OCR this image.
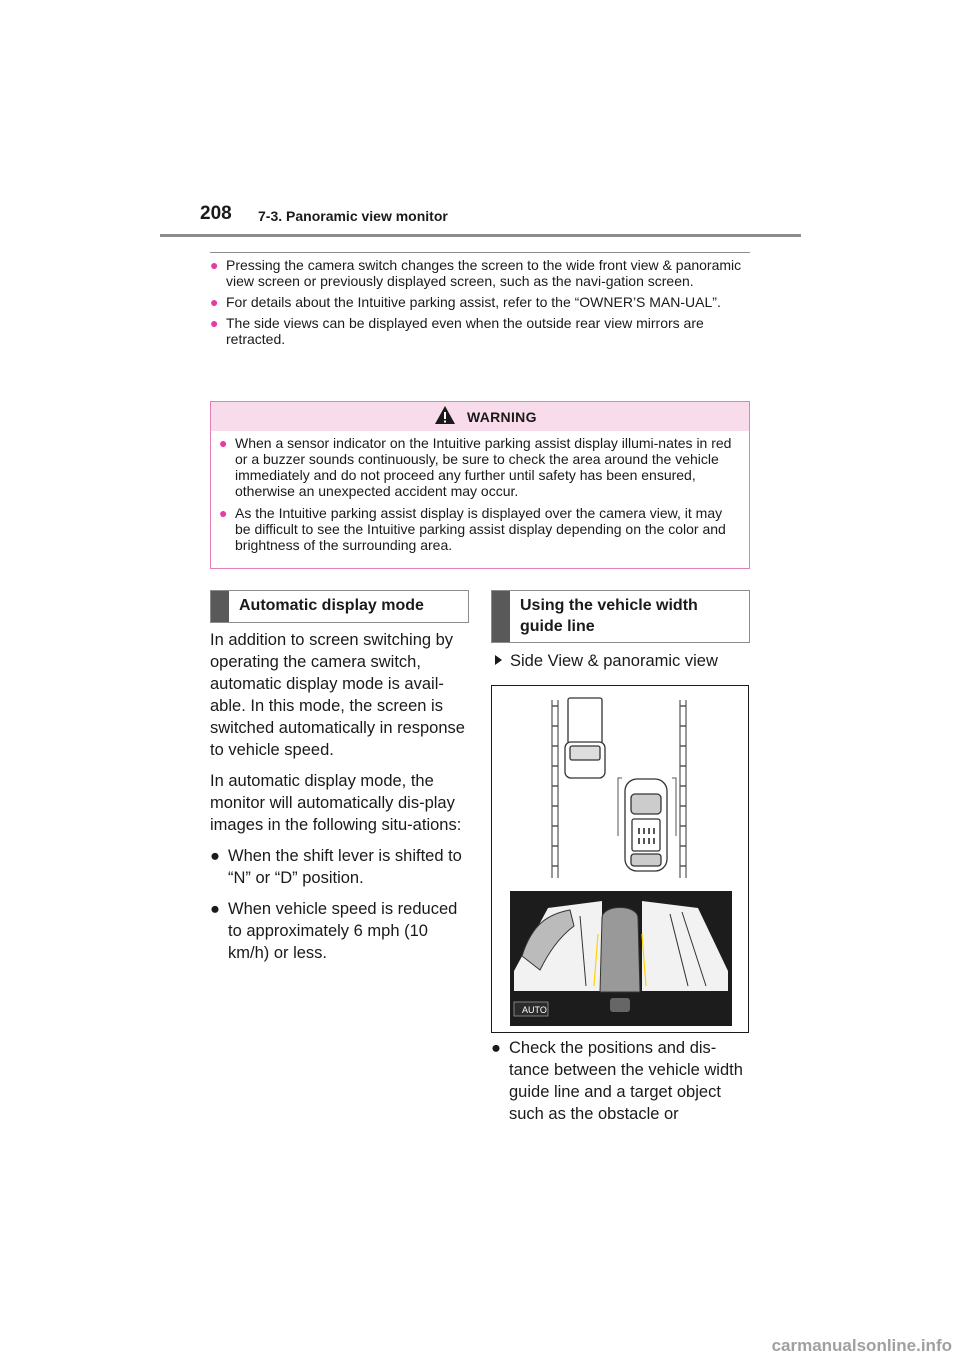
208 7-3. Panoramic view monitor
● Pressing the camera switch changes the screen to the wide front view & panoramic view screen or previously displayed screen, such as the navi-gation screen.
● For details about the Intuitive parking assist, refer to the “OWNER’S MAN-UAL”.
● The side views can be displayed even when the outside rear view mirrors are retracted.
WARNING
● When a sensor indicator on the Intuitive parking assist display illumi-nates in red or a buzzer sounds continuously, be sure to check the area around the vehicle immediately and do not proceed any further until safety has been ensured, otherwise an unexpected accident may occur.
● As the Intuitive parking assist display is displayed over the camera view, it may be difficult to see the Intuitive parking assist display depending on the color and brightness of the surrounding area.
Automatic display mode	Using the vehicle width guide line

In addition to screen switching by operating the camera switch, automatic display mode is avail-able. In this mode, the screen is switched automatically in response to vehicle speed.

In automatic display mode, the monitor will automatically dis-play images in the following situ-ations:

● When the shift lever is shifted to “N” or “D” position.
● When vehicle speed is reduced to approximately 6 mph (10 km/h) or less.
Side View & panoramic view
AUTO
● Check the positions and dis-tance between the vehicle width guide line and a target object such as the obstacle or
carmanualsonline.info
